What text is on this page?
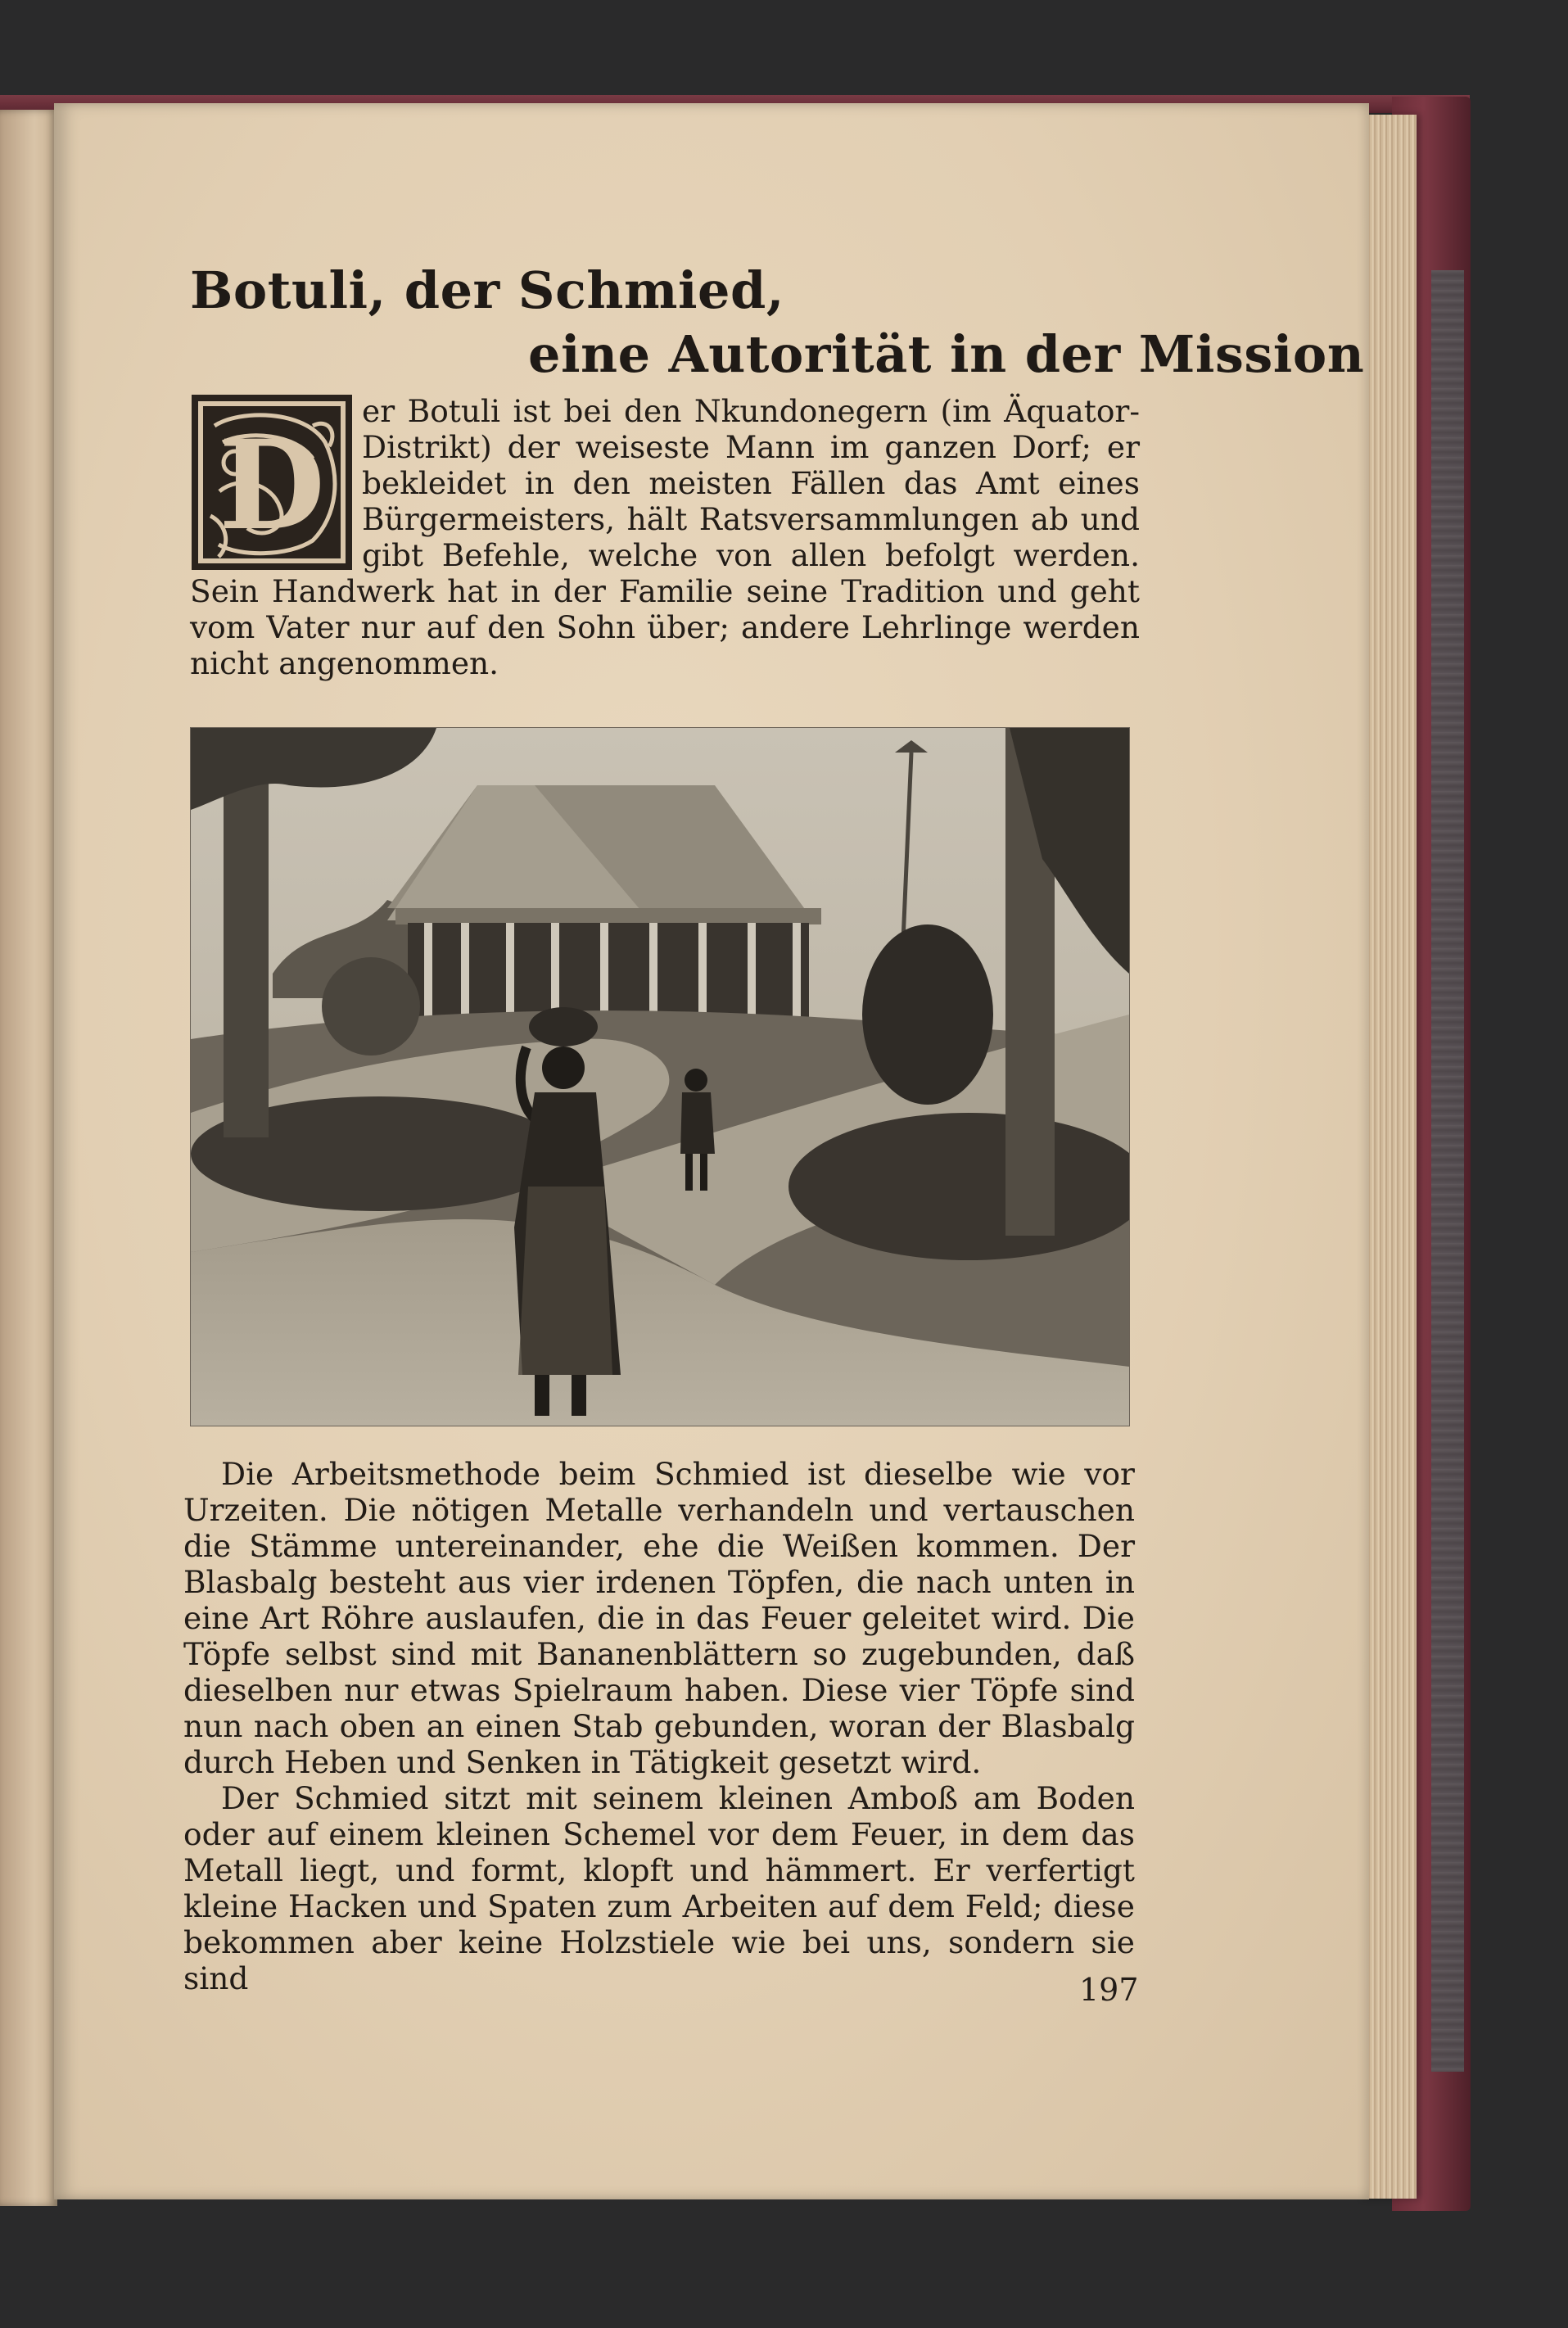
Botuli, der Schmied,
eine Autorität in der Mission
D
er Botuli ist bei den Nkundonegern (im Äquator-Distrikt) der weiseste Mann im ganzen Dorf; er bekleidet in den meisten Fällen das Amt eines Bürgermeisters, hält Ratsversammlungen ab und gibt Befehle, welche von allen befolgt werden. Sein Handwerk hat in der Familie seine Tradition und geht vom Vater nur auf den Sohn über; andere Lehrlinge werden nicht angenommen.
Die Arbeitsmethode beim Schmied ist dieselbe wie vor Urzeiten. Die nötigen Metalle verhandeln und vertauschen die Stämme untereinander, ehe die Weißen kommen. Der Blasbalg besteht aus vier irdenen Töpfen, die nach unten in eine Art Röhre auslaufen, die in das Feuer geleitet wird. Die Töpfe selbst sind mit Bananenblättern so zugebunden, daß dieselben nur etwas Spielraum haben. Diese vier Töpfe sind nun nach oben an einen Stab gebunden, woran der Blasbalg durch Heben und Senken in Tätigkeit gesetzt wird.
Der Schmied sitzt mit seinem kleinen Amboß am Boden oder auf einem kleinen Schemel vor dem Feuer, in dem das Metall liegt, und formt, klopft und hämmert. Er verfertigt kleine Hacken und Spaten zum Arbeiten auf dem Feld; diese bekommen aber keine Holzstiele wie bei uns, sondern sie sind	197
